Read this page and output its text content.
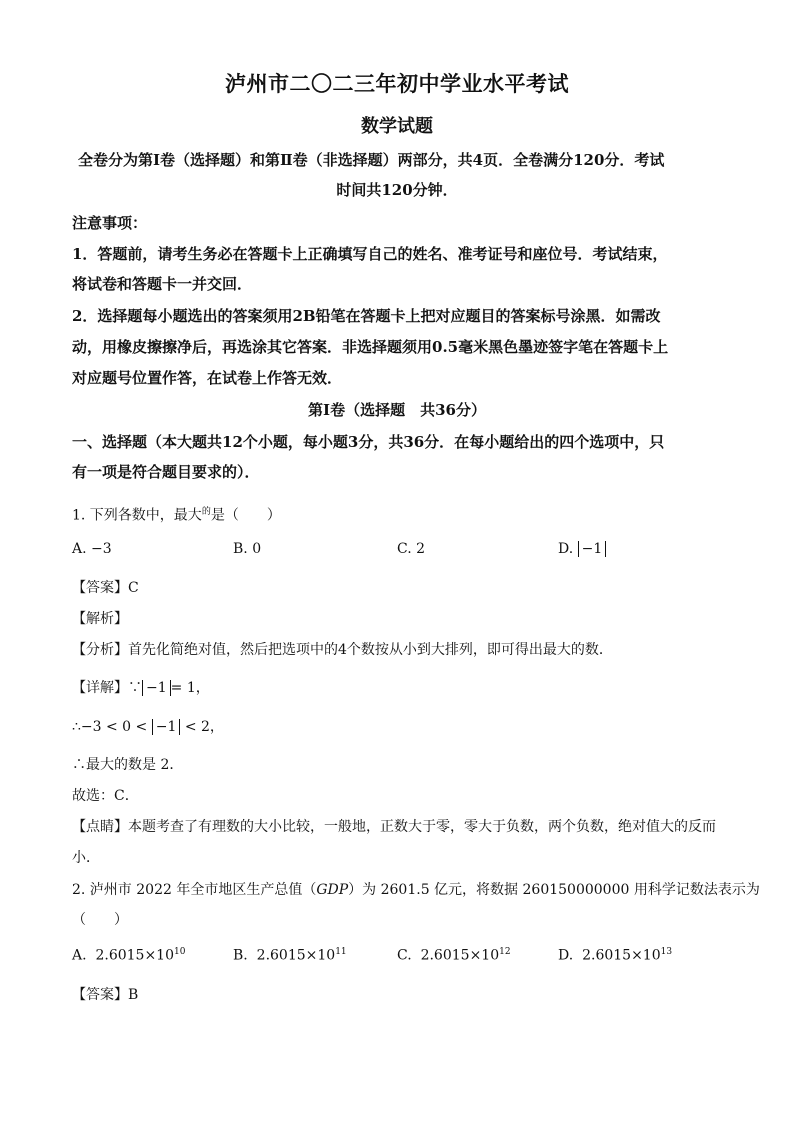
泸州市二〇二三年初中学业水平考试
数学试题
全卷分为第Ⅰ卷（选择题）和第Ⅱ卷（非选择题）两部分，共4页．全卷满分120分．考试
时间共120分钟．
注意事项：
1．答题前，请考生务必在答题卡上正确填写自己的姓名、准考证号和座位号．考试结束，
将试卷和答题卡一并交回．
2．选择题每小题选出的答案须用2B铅笔在答题卡上把对应题目的答案标号涂黑．如需改
动，用橡皮擦擦净后，再选涂其它答案．非选择题须用0.5毫米黑色墨迹签字笔在答题卡上
对应题号位置作答，在试卷上作答无效．
第Ⅰ卷（选择题　共36分）
一、选择题（本大题共12个小题，每小题3分，共36分．在每小题给出的四个选项中，只
有一项是符合题目要求的）．
1. 下列各数中，最大$^的$是（　　）
A. −3	B. 0	C. 2	D. −1
【答案】C
【解析】
【分析】首先化简绝对值，然后把选项中的4个数按从小到大排列，即可得出最大的数．
【详解】∵ −1 = 1，
∴−3 < 0 < −1 < 2，
∴最大的数是 2．
故选：C．
【点睛】本题考查了有理数的大小比较，一般地，正数大于零，零大于负数，两个负数，绝对值大的反而
小．
2. 泸州市 2022 年全市地区生产总值（GDP）为 2601.5 亿元，将数据 260150000000 用科学记数法表示为
（　　）
A. $2.6015\times 10^{10}$	B. $2.6015\times 10^{11}$	C. $2.6015\times 10^{12}$	D. $2.6015\times 10^{13}$
【答案】B
